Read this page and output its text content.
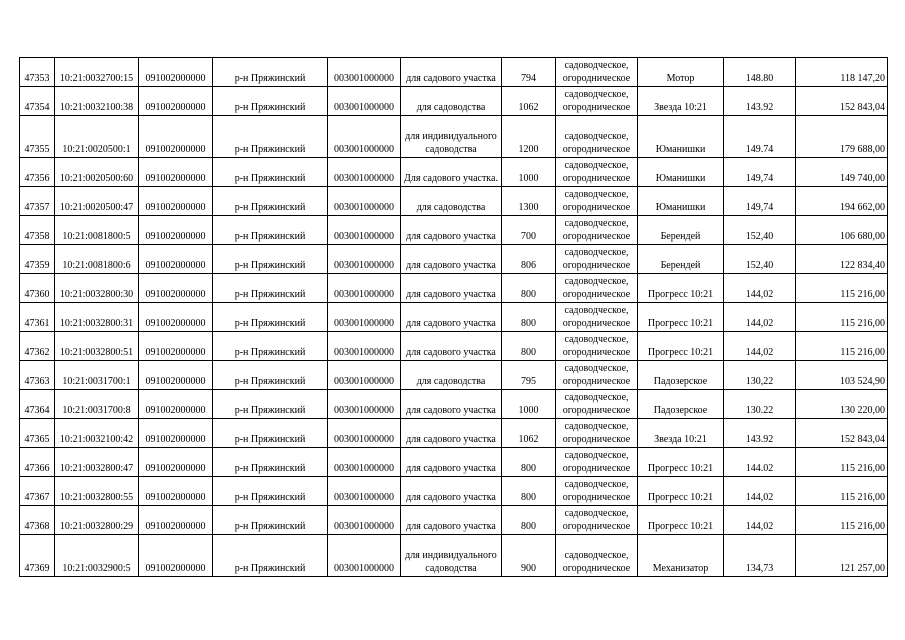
47353	10:21:0032700:15	091002000000	р-н Пряжинский	003001000000	для садового участка	794	садоводческое, огородническое	Мотор	148.80	118 147,20
47354	10:21:0032100:38	091002000000	р-н Пряжинский	003001000000	для садоводства	1062	садоводческое, огородническое	Звезда 10:21	143.92	152 843,04
47355	10:21:0020500:1	091002000000	р-н Пряжинский	003001000000	для индивидуального садоводства	1200	садоводческое, огородническое	Юманишки	149.74	179 688,00
47356	10:21:0020500:60	091002000000	р-н Пряжинский	003001000000	Для садового участка.	1000	садоводческое, огородническое	Юманишки	149,74	149 740,00
47357	10:21:0020500:47	091002000000	р-н Пряжинский	003001000000	для садоводства	1300	садоводческое, огородническое	Юманишки	149,74	194 662,00
47358	10:21:0081800:5	091002000000	р-н Пряжинский	003001000000	для садового участка	700	садоводческое, огородническое	Берендей	152,40	106 680,00
47359	10:21:0081800:6	091002000000	р-н Пряжинский	003001000000	для садового участка	806	садоводческое, огородническое	Берендей	152,40	122 834,40
47360	10:21:0032800:30	091002000000	р-н Пряжинский	003001000000	для садового участка	800	садоводческое, огородническое	Прогресс 10:21	144,02	115 216,00
47361	10:21:0032800:31	091002000000	р-н Пряжинский	003001000000	для садового участка	800	садоводческое, огородническое	Прогресс 10:21	144,02	115 216,00
47362	10:21:0032800:51	091002000000	р-н Пряжинский	003001000000	для садового участка	800	садоводческое, огородническое	Прогресс 10:21	144,02	115 216,00
47363	10:21:0031700:1	091002000000	р-н Пряжинский	003001000000	для садоводства	795	садоводческое, огородническое	Падозерское	130,22	103 524,90
47364	10:21:0031700:8	091002000000	р-н Пряжинский	003001000000	для садового участка	1000	садоводческое, огородническое	Падозерское	130.22	130 220,00
47365	10:21:0032100:42	091002000000	р-н Пряжинский	003001000000	для садового участка	1062	садоводческое, огородническое	Звезда 10:21	143.92	152 843,04
47366	10:21:0032800:47	091002000000	р-н Пряжинский	003001000000	для садового участка	800	садоводческое, огородническое	Прогресс 10:21	144.02	115 216,00
47367	10:21:0032800:55	091002000000	р-н Пряжинский	003001000000	для садового участка	800	садоводческое, огородническое	Прогресс 10:21	144,02	115 216,00
47368	10:21:0032800:29	091002000000	р-н Пряжинский	003001000000	для садового участка	800	садоводческое, огородническое	Прогресс 10:21	144,02	115 216,00
47369	10:21:0032900:5	091002000000	р-н Пряжинский	003001000000	для индивидуального садоводства	900	садоводческое, огородническое	Механизатор	134,73	121 257,00
